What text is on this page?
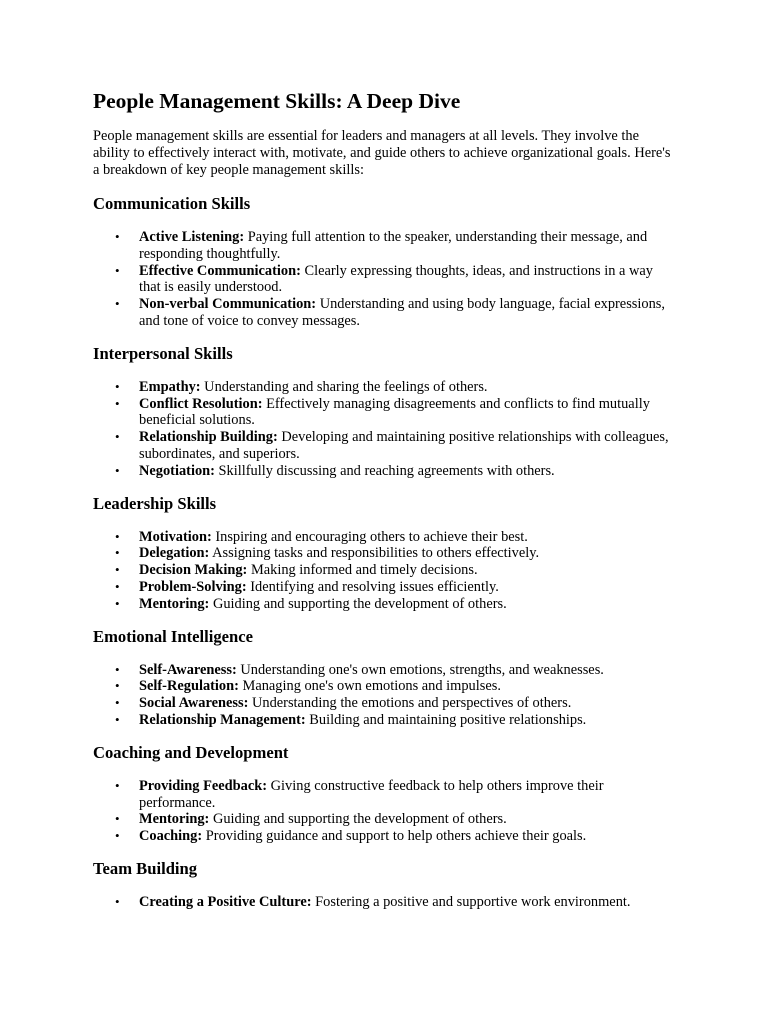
People Management Skills: A Deep Dive

People management skills are essential for leaders and managers at all levels. They involve the ability to effectively interact with, motivate, and guide others to achieve organizational goals. Here's a breakdown of key people management skills:

Communication Skills
• Active Listening: Paying full attention to the speaker, understanding their message, and responding thoughtfully.
• Effective Communication: Clearly expressing thoughts, ideas, and instructions in a way that is easily understood.
• Non-verbal Communication: Understanding and using body language, facial expressions, and tone of voice to convey messages.
Interpersonal Skills
• Empathy: Understanding and sharing the feelings of others.
• Conflict Resolution: Effectively managing disagreements and conflicts to find mutually beneficial solutions.
• Relationship Building: Developing and maintaining positive relationships with colleagues, subordinates, and superiors.
• Negotiation: Skillfully discussing and reaching agreements with others.
Leadership Skills
• Motivation: Inspiring and encouraging others to achieve their best.
• Delegation: Assigning tasks and responsibilities to others effectively.
• Decision Making: Making informed and timely decisions.
• Problem-Solving: Identifying and resolving issues efficiently.
• Mentoring: Guiding and supporting the development of others.
Emotional Intelligence
• Self-Awareness: Understanding one's own emotions, strengths, and weaknesses.
• Self-Regulation: Managing one's own emotions and impulses.
• Social Awareness: Understanding the emotions and perspectives of others.
• Relationship Management: Building and maintaining positive relationships.
Coaching and Development
• Providing Feedback: Giving constructive feedback to help others improve their performance.
• Mentoring: Guiding and supporting the development of others.
• Coaching: Providing guidance and support to help others achieve their goals.
Team Building
• Creating a Positive Culture: Fostering a positive and supportive work environment.
